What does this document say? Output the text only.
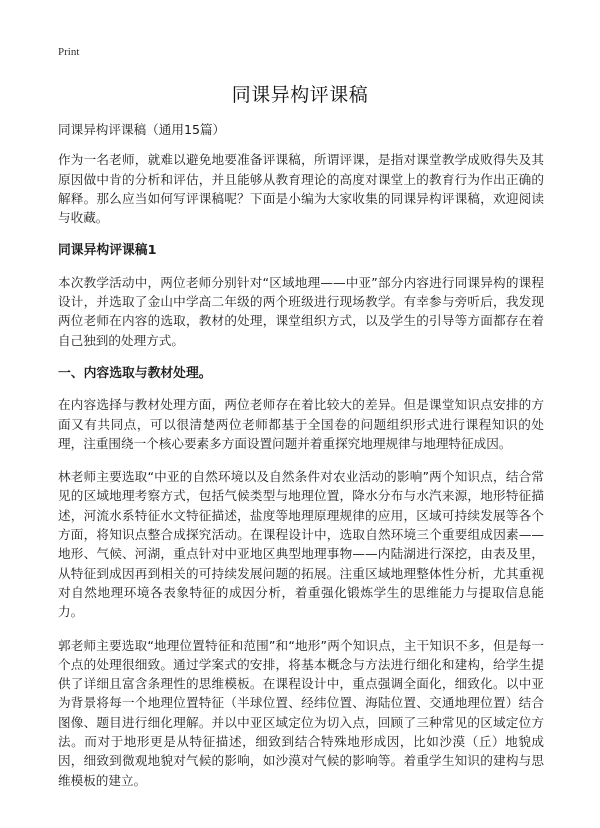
Print
同课异构评课稿

同课异构评课稿（通用15篇）

作为一名老师，就难以避免地要准备评课稿，所谓评课，是指对课堂教学成败得失及其原因做中肯的分析和评估，并且能够从教育理论的高度对课堂上的教育行为作出正确的解释。那么应当如何写评课稿呢？下面是小编为大家收集的同课异构评课稿，欢迎阅读与收藏。

同课异构评课稿1

本次教学活动中，两位老师分别针对“区域地理——中亚”部分内容进行同课异构的课程设计，并选取了金山中学高二年级的两个班级进行现场教学。有幸参与旁听后，我发现两位老师在内容的选取，教材的处理，课堂组织方式，以及学生的引导等方面都存在着自己独到的处理方式。

一、内容选取与教材处理。

在内容选择与教材处理方面，两位老师存在着比较大的差异。但是课堂知识点安排的方面又有共同点，可以很清楚两位老师都基于全国卷的问题组织形式进行课程知识的处理，注重围绕一个核心要素多方面设置问题并着重探究地理规律与地理特征成因。

林老师主要选取“中亚的自然环境以及自然条件对农业活动的影响”两个知识点，结合常见的区域地理考察方式，包括气候类型与地理位置，降水分布与水汽来源，地形特征描述，河流水系特征水文特征描述，盐度等地理原理规律的应用，区域可持续发展等各个方面，将知识点整合成探究活动。在课程设计中，选取自然环境三个重要组成因素——地形、气候、河湖，重点针对中亚地区典型地理事物——内陆湖进行深挖，由表及里，从特征到成因再到相关的可持续发展问题的拓展。注重区域地理整体性分析，尤其重视对自然地理环境各表象特征的成因分析，着重强化锻炼学生的思维能力与提取信息能力。

郭老师主要选取“地理位置特征和范围”和“地形”两个知识点，主干知识不多，但是每一个点的处理很细致。通过学案式的安排，将基本概念与方法进行细化和建构，给学生提供了详细且富含条理性的思维模板。在课程设计中，重点强调全面化，细致化。以中亚为背景将每一个地理位置特征（半球位置、经纬位置、海陆位置、交通地理位置）结合图像、题目进行细化理解。并以中亚区域定位为切入点，回顾了三种常见的区域定位方法。而对于地形更是从特征描述，细致到结合特殊地形成因，比如沙漠（丘）地貌成因，细致到微观地貌对气候的影响，如沙漠对气候的影响等。着重学生知识的建构与思维模板的建立。
